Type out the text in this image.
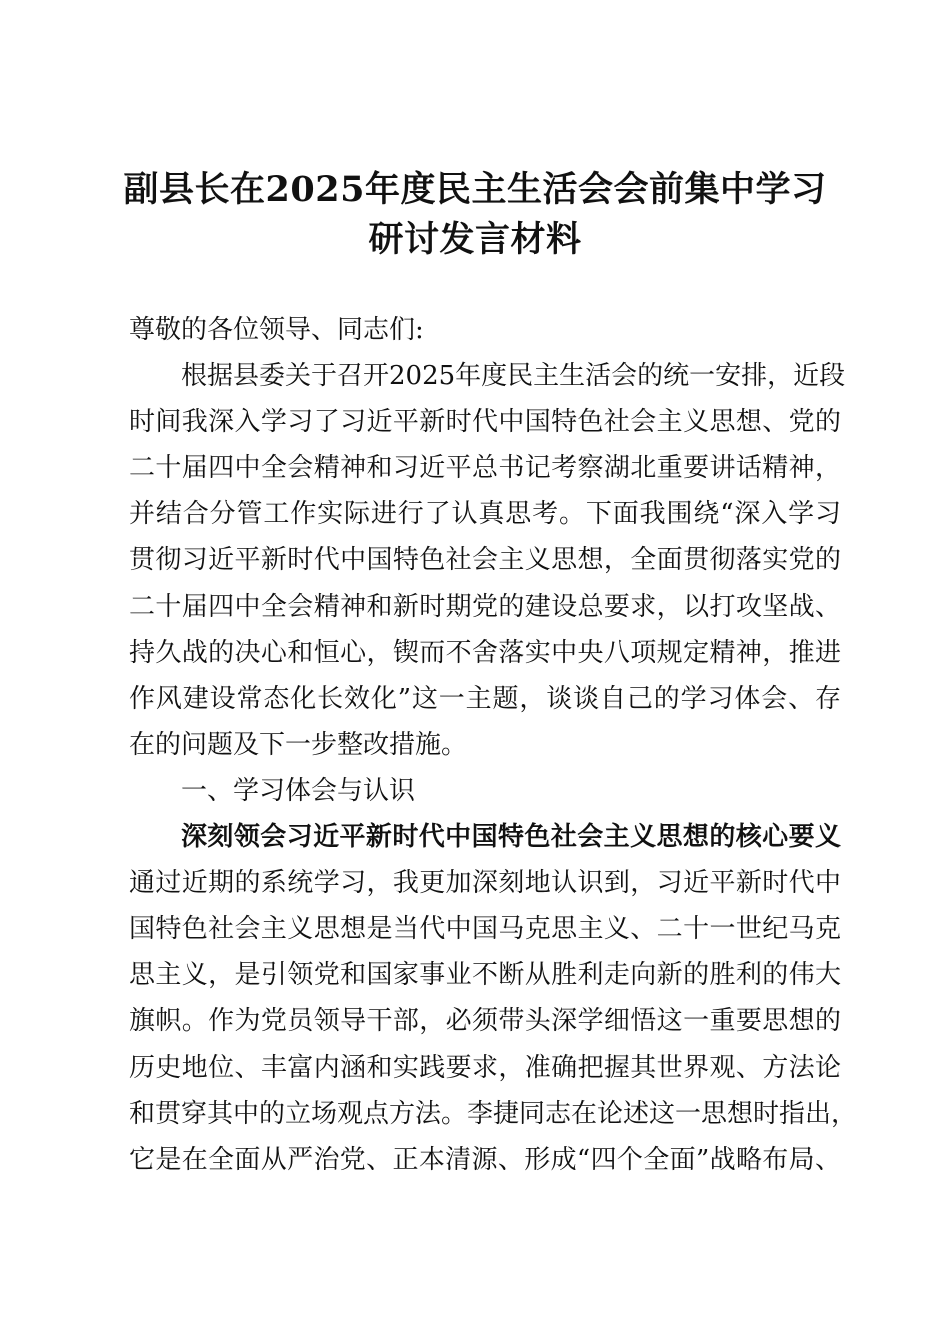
副县长在2025年度民主生活会会前集中学习
研讨发言材料
尊敬的各位领导、同志们:
根据县委关于召开2025年度民主生活会的统一安排，近段
时间我深入学习了习近平新时代中国特色社会主义思想、党的
二十届四中全会精神和习近平总书记考察湖北重要讲话精神，
并结合分管工作实际进行了认真思考。下面我围绕“深入学习
贯彻习近平新时代中国特色社会主义思想，全面贯彻落实党的
二十届四中全会精神和新时期党的建设总要求，以打攻坚战、
持久战的决心和恒心，锲而不舍落实中央八项规定精神，推进
作风建设常态化长效化”这一主题，谈谈自己的学习体会、存
在的问题及下一步整改措施。
一、学习体会与认识
深刻领会习近平新时代中国特色社会主义思想的核心要义
通过近期的系统学习，我更加深刻地认识到，习近平新时代中
国特色社会主义思想是当代中国马克思主义、二十一世纪马克
思主义，是引领党和国家事业不断从胜利走向新的胜利的伟大
旗帜。作为党员领导干部，必须带头深学细悟这一重要思想的
历史地位、丰富内涵和实践要求，准确把握其世界观、方法论
和贯穿其中的立场观点方法。李捷同志在论述这一思想时指出，
它是在全面从严治党、正本清源、形成“四个全面”战略布局、
